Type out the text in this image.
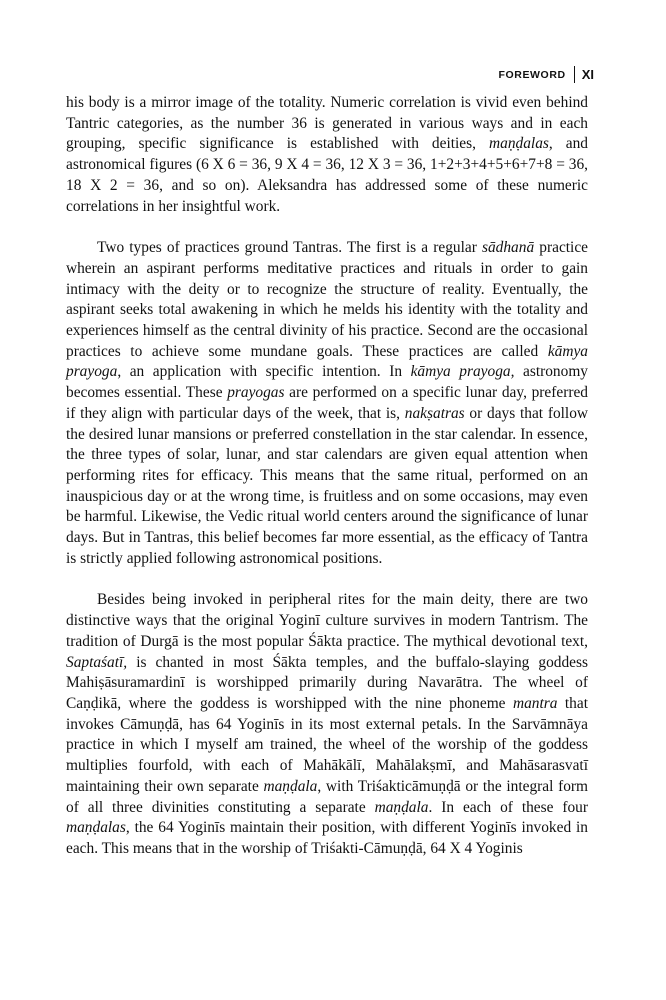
FOREWORD XI

his body is a mirror image of the totality. Numeric correlation is vivid even behind Tantric categories, as the number 36 is generated in various ways and in each grouping, specific significance is established with deities, maṇḍalas, and astronomical figures (6 X 6 = 36, 9 X 4 = 36, 12 X 3 = 36, 1+2+3+4+5+6+7+8 = 36, 18 X 2 = 36, and so on). Aleksandra has addressed some of these numeric correlations in her insightful work.

Two types of practices ground Tantras. The first is a regular sādhanā practice wherein an aspirant performs meditative practices and rituals in order to gain intimacy with the deity or to recognize the structure of reality. Eventually, the aspirant seeks total awakening in which he melds his identity with the totality and experiences himself as the central divinity of his practice. Second are the occasional practices to achieve some mundane goals. These practices are called kāmya prayoga, an application with specific intention. In kāmya prayoga, astronomy becomes essential. These prayogas are performed on a specific lunar day, preferred if they align with particular days of the week, that is, nakṣatras or days that follow the desired lunar mansions or preferred constellation in the star calendar. In essence, the three types of solar, lunar, and star calendars are given equal attention when performing rites for efficacy. This means that the same ritual, performed on an inauspicious day or at the wrong time, is fruitless and on some occasions, may even be harmful. Likewise, the Vedic ritual world centers around the significance of lunar days. But in Tantras, this belief becomes far more essential, as the efficacy of Tantra is strictly applied following astronomical positions.

Besides being invoked in peripheral rites for the main deity, there are two distinctive ways that the original Yoginī culture survives in modern Tantrism. The tradition of Durgā is the most popular Śākta practice. The mythical devotional text, Saptaśatī, is chanted in most Śākta temples, and the buffalo-slaying goddess Mahiṣāsuramardinī is worshipped primarily during Navarātra. The wheel of Caṇḍikā, where the goddess is worshipped with the nine phoneme mantra that invokes Cāmuṇḍā, has 64 Yoginīs in its most external petals. In the Sarvāmnāya practice in which I myself am trained, the wheel of the worship of the goddess multiplies fourfold, with each of Mahākālī, Mahālakṣmī, and Mahāsarasvatī maintaining their own separate maṇḍala, with Triśakticāmuṇḍā or the integral form of all three divinities constituting a separate maṇḍala. In each of these four maṇḍalas, the 64 Yoginīs maintain their position, with different Yoginīs invoked in each. This means that in the worship of Triśakti-Cāmuṇḍā, 64 X 4 Yoginis
